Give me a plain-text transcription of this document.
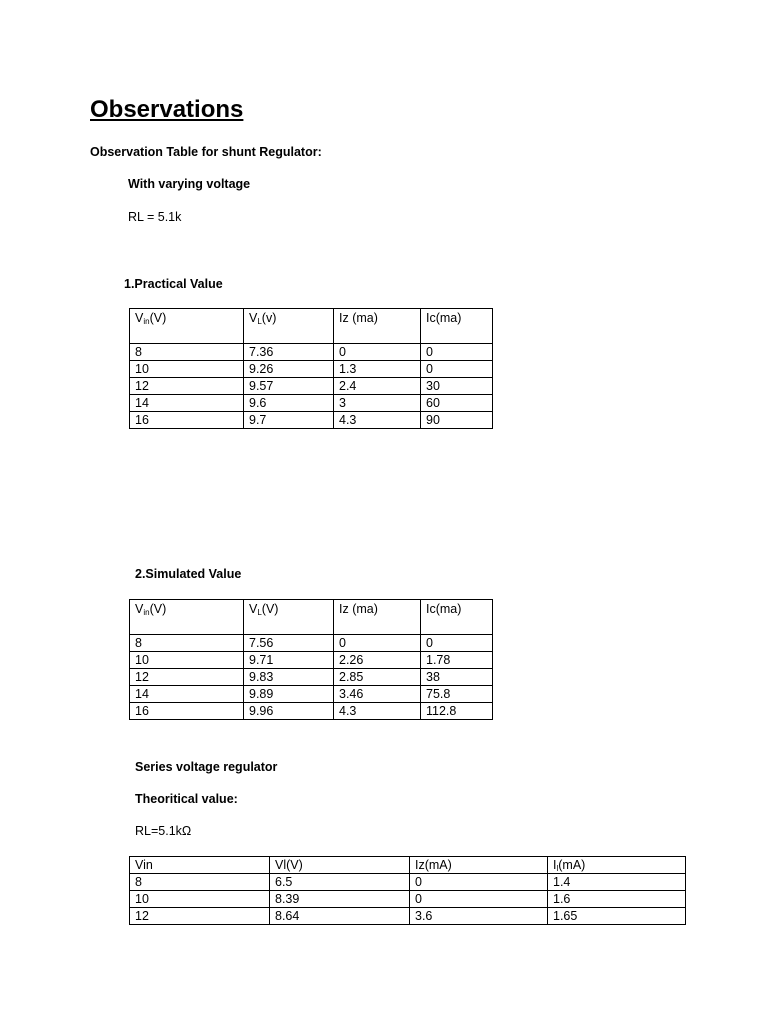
Observations

Observation Table for shunt Regulator:

With varying voltage

RL = 5.1k

1.Practical Value

$V_{in}(V)$	$V_L(v)$	Iz (ma)	Ic(ma)
8	7.36	0	0
10	9.26	1.3	0
12	9.57	2.4	30
14	9.6	3	60
16	9.7	4.3	90

2.Simulated Value

$V_{in}(V)$	$V_L(V)$	Iz (ma)	Ic(ma)
8	7.56	0	0
10	9.71	2.26	1.78
12	9.83	2.85	38
14	9.89	3.46	75.8
16	9.96	4.3	112.8

Series voltage regulator

Theoritical value:

RL=5.1kΩ

Vin	Vl(V)	Iz(mA)	$I_l(mA)$
8	6.5	0	1.4
10	8.39	0	1.6
12	8.64	3.6	1.65
